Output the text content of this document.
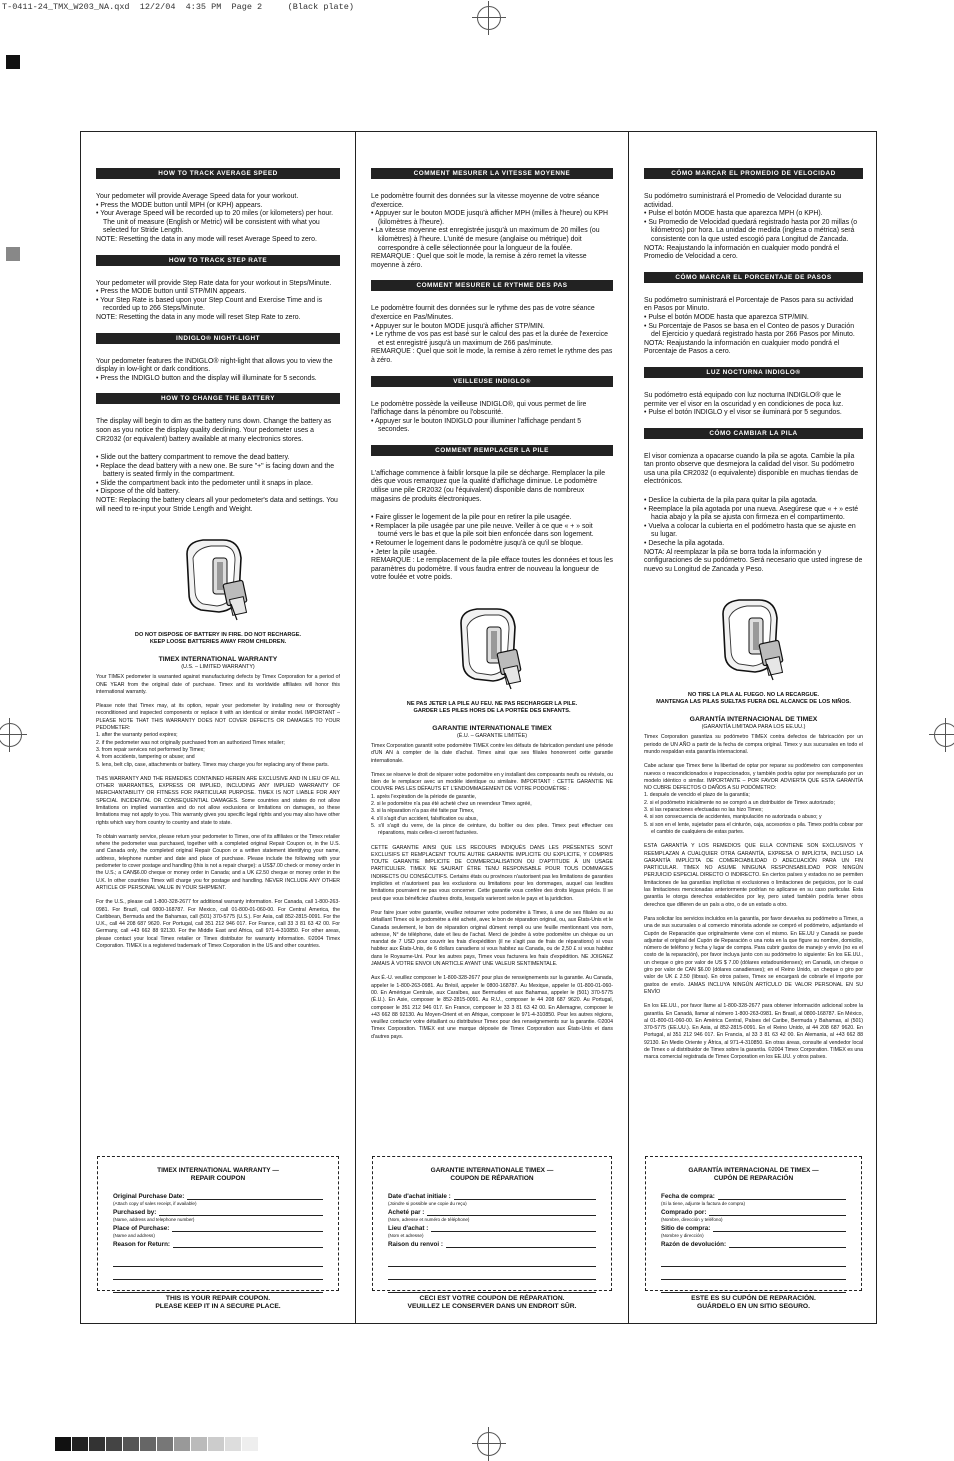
T-0411-24_TMX_W203_NA.qxd  12/2/04  4:35 PM  Page 2     (Black plate)
HOW TO TRACK AVERAGE SPEED
Your pedometer will provide Average Speed data for your workout.
• Press the MODE button until MPH (or KPH) appears.
• Your Average Speed will be recorded up to 20 miles (or kilometers) per hour. The unit of measure (English or Metric) will be consistent with what you selected for Stride Length.
NOTE: Resetting the data in any mode will reset Average Speed to zero.
HOW TO TRACK STEP RATE
Your pedometer will provide Step Rate data for your workout in Steps/Minute.
• Press the MODE button until STP/MIN appears.
• Your Step Rate is based upon your Step Count and Exercise Time and is recorded up to 266 Steps/Minute.
NOTE: Resetting the data in any mode will reset Step Rate to zero.
INDIGLO® NIGHT-LIGHT
Your pedometer features the INDIGLO® night-light that allows you to view the display in low-light or dark conditions.
• Press the INDIGLO button and the display will illuminate for 5 seconds.
HOW TO CHANGE THE BATTERY
The display will begin to dim as the battery runs down. Change the battery as soon as you notice the display quality declining. Your pedometer uses a CR2032 (or equivalent) battery available at many electronics stores.
• Slide out the battery compartment to remove the dead battery.
• Replace the dead battery with a new one. Be sure "+" is facing down and the battery is seated firmly in the compartment.
• Slide the compartment back into the pedometer until it snaps in place.
• Dispose of the old battery.
NOTE: Replacing the battery clears all your pedometer's data and settings. You will need to re-input your Stride Length and Weight.
DO NOT DISPOSE OF BATTERY IN FIRE. DO NOT RECHARGE.
KEEP LOOSE BATTERIES AWAY FROM CHILDREN.
TIMEX INTERNATIONAL WARRANTY
(U.S. – LIMITED WARRANTY)
Your TIMEX pedometer is warranted against manufacturing defects by Timex Corporation for a period of ONE YEAR from the original date of purchase. Timex and its worldwide affiliates will honor this international warranty.
Please note that Timex may, at its option, repair your pedometer by installing new or thoroughly reconditioned and inspected components or replace it with an identical or similar model. IMPORTANT – PLEASE NOTE THAT THIS WARRANTY DOES NOT COVER DEFECTS OR DAMAGES TO YOUR PEDOMETER:
1. after the warranty period expires;
2. if the pedometer was not originally purchased from an authorized Timex retailer;
3. from repair services not performed by Timex;
4. from accidents, tampering or abuse; and
5. lens, belt clip, case, attachments or battery. Timex may charge you for replacing any of these parts.
THIS WARRANTY AND THE REMEDIES CONTAINED HEREIN ARE EXCLUSIVE AND IN LIEU OF ALL OTHER WARRANTIES, EXPRESS OR IMPLIED, INCLUDING ANY IMPLIED WARRANTY OF MERCHANTABILITY OR FITNESS FOR PARTICULAR PURPOSE. TIMEX IS NOT LIABLE FOR ANY SPECIAL INCIDENTAL OR CONSEQUENTIAL DAMAGES. Some countries and states do not allow limitations on implied warranties and do not allow exclusions or limitations on damages, so these limitations may not apply to you. This warranty gives you specific legal rights and you may also have other rights which vary from country to country and state to state.
To obtain warranty service, please return your pedometer to Timex, one of its affiliates or the Timex retailer where the pedometer was purchased, together with a completed original Repair Coupon or, in the U.S. and Canada only, the completed original Repair Coupon or a written statement identifying your name, address, telephone number and date and place of purchase. Please include the following with your pedometer to cover postage and handling (this is not a repair charge): a US$7.00 check or money order in the U.S.; a CAN$6.00 cheque or money order in Canada; and a UK £2.50 cheque or money order in the U.K. In other countries Timex will charge you for postage and handling. NEVER INCLUDE ANY OTHER ARTICLE OF PERSONAL VALUE IN YOUR SHIPMENT.
For the U.S., please call 1-800-328-2677 for additional warranty information. For Canada, call 1-800-263-0981. For Brazil, call 0800-168787. For Mexico, call 01-800-01-060-00. For Central America, the Caribbean, Bermuda and the Bahamas, call (501) 370-5775 (U.S.). For Asia, call 852-2815-0091. For the U.K., call 44 208 687 9620. For Portugal, call 351 212 946 017. For France, call 33 3 81 63 42 00. For Germany, call +43 662 88 92130. For the Middle East and Africa, call 971-4-310850. For other areas, please contact your local Timex retailer or Timex distributor for warranty information. ©2004 Timex Corporation. TIMEX is a registered trademark of Timex Corporation in the US and other countries.
TIMEX INTERNATIONAL WARRANTY —
REPAIR COUPON
Original Purchase Date:
(Attach copy of sales receipt, if available)
Purchased by:
(Name, address and telephone number)
Place of Purchase:
(Name and address)
Reason for Return:
THIS IS YOUR REPAIR COUPON.
PLEASE KEEP IT IN A SECURE PLACE.
COMMENT MESURER LA VITESSE MOYENNE
Le podomètre fournit des données sur la vitesse moyenne de votre séance d'exercice.
• Appuyer sur le bouton MODE jusqu'à afficher MPH (milles à l'heure) ou KPH (kilomètres à l'heure).
• La vitesse moyenne est enregistrée jusqu'à un maximum de 20 milles (ou kilomètres) à l'heure. L'unité de mesure (anglaise ou métrique) doit correspondre à celle sélectionnée pour la longueur de la foulée.
REMARQUE : Quel que soit le mode, la remise à zéro remet la vitesse moyenne à zéro.
COMMENT MESURER LE RYTHME DES PAS
Le podomètre fournit des données sur le rythme des pas de votre séance d'exercice en Pas/Minutes.
• Appuyer sur le bouton MODE jusqu'à afficher STP/MIN.
• Le rythme de vos pas est basé sur le calcul des pas et la durée de l'exercice et est enregistré jusqu'à un maximum de 266 pas/minute.
REMARQUE : Quel que soit le mode, la remise à zéro remet le rythme des pas à zéro.
VEILLEUSE INDIGLO®
Le podomètre possède la veilleuse INDIGLO®, qui vous permet de lire l'affichage dans la pénombre ou l'obscurité.
• Appuyer sur le bouton INDIGLO pour illuminer l'affichage pendant 5 secondes.
COMMENT REMPLACER LA PILE
L'affichage commence à faiblir lorsque la pile se décharge. Remplacer la pile dès que vous remarquez que la qualité d'affichage diminue. Le podomètre utilise une pile CR2032 (ou l'équivalent) disponible dans de nombreux magasins de produits électroniques.
• Faire glisser le logement de la pile pour en retirer la pile usagée.
• Remplacer la pile usagée par une pile neuve. Veiller à ce que « + » soit tourné vers le bas et que la pile soit bien enfoncée dans son logement.
• Retourner le logement dans le podomètre jusqu'à ce qu'il se bloque.
• Jeter la pile usagée.
REMARQUE : Le remplacement de la pile efface toutes les données et tous les paramètres du podomètre. Il vous faudra entrer de nouveau la longueur de votre foulée et votre poids.
NE PAS JETER LA PILE AU FEU. NE PAS RECHARGER LA PILE.
GARDER LES PILES HORS DE LA PORTÉE DES ENFANTS.
GARANTIE INTERNATIONALE TIMEX
(É.U. – GARANTIE LIMITÉE)
Timex Corporation garantit votre podomètre TIMEX contre les défauts de fabrication pendant une période d'UN AN à compter de la date d'achat. Timex ainsi que ses filiales honoreront cette garantie internationale.
Timex se réserve le droit de réparer votre podomètre en y installant des composants neufs ou révisés, ou bien de le remplacer avec un modèle identique ou similaire. IMPORTANT : CETTE GARANTIE NE COUVRE PAS LES DÉFAUTS ET L'ENDOMMAGEMENT DE VOTRE PODOMÈTRE :
1. après l'expiration de la période de garantie,
2. si le podomètre n'a pas été acheté chez un revendeur Timex agréé,
3. si la réparation n'a pas été faite par Timex,
4. s'il s'agit d'un accident, falsification ou abus,
5. s'il s'agit du verre, de la pince de ceinture, du boîtier ou des piles. Timex peut effectuer ces réparations, mais celles-ci seront facturées.
CETTE GARANTIE AINSI QUE LES RECOURS INDIQUÉS DANS LES PRÉSENTES SONT EXCLUSIFS ET REMPLACENT TOUTE AUTRE GARANTIE IMPLICITE OU EXPLICITE, Y COMPRIS TOUTE GARANTIE IMPLICITE DE COMMERCIALISATION OU D'APTITUDE À UN USAGE PARTICULIER. TIMEX NE SAURAIT ÊTRE TENU RESPONSABLE POUR TOUS DOMMAGES INDIRECTS OU CONSÉCUTIFS. Certains états ou provinces n'autorisent pas les limitations de garanties implicites et n'autorisent pas les exclusions ou limitations pour les dommages, auquel cas lesdites limitations pourraient ne pas vous concerner. Cette garantie vous confère des droits légaux précis. Il se peut que vous bénéficiez d'autres droits, lesquels varieront selon le pays et la juridiction.
Pour faire jouer votre garantie, veuillez retourner votre podomètre à Timex, à une de ses filiales ou au détaillant Timex où le podomètre a été acheté, avec le bon de réparation original, ou, aux États-Unis et le Canada seulement, le bon de réparation original dûment rempli ou une feuille mentionnant vos nom, adresse, N° de téléphone, date et lieu de l'achat. Merci de joindre à votre podomètre un chèque ou un mandat de 7 USD pour couvrir les frais d'expédition (il ne s'agit pas de frais de réparations) si vous habitez aux États-Unis, de 6 dollars canadiens si vous habitez au Canada, ou de 2,50 £ si vous habitez dans le Royaume-Uni. Pour les autres pays, Timex vous facturera les frais d'expédition. NE JOIGNEZ JAMAIS À VOTRE ENVOI UN ARTICLE AYANT UNE VALEUR SENTIMENTALE.
Aux É.-U. veuillez composer le 1-800-328-2677 pour plus de renseignements sur la garantie. Au Canada, appeler le 1-800-263-0981. Au Brésil, appeler le 0800-168787. Au Mexique, appeler le 01-800-01-060-00. En Amérique Centrale, aux Caraïbes, aux Bermudes et aux Bahamas, appeler le (501) 370-5775 (É.U.). En Asie, composer le 852-2815-0091. Au R.U., composer le 44 208 687 9620. Au Portugal, composer le 351 212 946 017. En France, composer le 33 3 81 63 42 00. En Allemagne, composer le +43 662 88 92130. Au Moyen-Orient et en Afrique, composer le 971-4-310850. Pour les autres régions, veuillez contacter votre détaillant ou distributeur Timex pour des renseignements sur la garantie. ©2004 Timex Corporation. TIMEX est une marque déposée de Timex Corporation aux États-Unis et dans d'autres pays.
GARANTIE INTERNATIONALE TIMEX —
COUPON DE RÉPARATION
Date d'achat initiale :
(Joindre si possible une copie du reçu)
Acheté par :
(Nom, adresse et numéro de téléphone)
Lieu d'achat :
(Nom et adresse)
Raison du renvoi :
CECI EST VOTRE COUPON DE RÉPARATION.
VEUILLEZ LE CONSERVER DANS UN ENDROIT SÛR.
CÓMO MARCAR EL PROMEDIO DE VELOCIDAD
Su podómetro suministrará el Promedio de Velocidad durante su actividad.
• Pulse el botón MODE hasta que aparezca MPH (o KPH).
• Su Promedio de Velocidad quedará registrado hasta por 20 millas (o kilómetros) por hora. La unidad de medida (inglesa o métrica) será consistente con la que usted escogió para Longitud de Zancada.
NOTA: Reajustando la información en cualquier modo pondrá el Promedio de Velocidad a cero.
CÓMO MARCAR EL PORCENTAJE DE PASOS
Su podómetro suministrará el Porcentaje de Pasos para su actividad en Pasos por Minuto.
• Pulse el botón MODE hasta que aparezca STP/MIN.
• Su Porcentaje de Pasos se basa en el Conteo de pasos y Duración del Ejercicio y quedará registrado hasta por 266 Pasos por Minuto.
NOTA: Reajustando la información en cualquier modo pondrá el Porcentaje de Pasos a cero.
LUZ NOCTURNA INDIGLO®
Su podómetro está equipado con luz nocturna INDIGLO® que le permite ver el visor en la oscuridad y en condiciones de poca luz.
• Pulse el botón INDIGLO y el visor se iluminará por 5 segundos.
CÓMO CAMBIAR LA PILA
El visor comienza a opacarse cuando la pila se agota. Cambie la pila tan pronto observe que desmejora la calidad del visor. Su podómetro usa una pila CR2032 (o equivalente) disponible en muchas tiendas de electrónicos.
• Deslice la cubierta de la pila para quitar la pila agotada.
• Reemplace la pila agotada por una nueva. Asegúrese que « + » esté hacia abajo y la pila se ajusta con firmeza en el compartimento.
• Vuelva a colocar la cubierta en el podómetro hasta que se ajuste en su lugar.
• Deseche la pila agotada.
NOTA: Al reemplazar la pila se borra toda la información y configuraciones de su podómetro. Será necesario que usted ingrese de nuevo su Longitud de Zancada y Peso.
NO TIRE LA PILA AL FUEGO. NO LA RECARGUE.
MANTENGA LAS PILAS SUELTAS FUERA DEL ALCANCE DE LOS NIÑOS.
GARANTÍA INTERNACIONAL DE TIMEX
(GARANTÍA LIMITADA PARA LOS EE.UU.)
Timex Corporation garantiza su podómetro TIMEX contra defectos de fabricación por un periodo de UN AÑO a partir de la fecha de compra original. Timex y sus sucursales en todo el mundo respaldan esta garantía internacional.
Cabe aclarar que Timex tiene la libertad de optar por reparar su podómetro con componentes nuevos o reacondicionados e inspeccionados, y también podría optar por reemplazarlo por un modelo idéntico o similar. IMPORTANTE – POR FAVOR ADVIERTA QUE ESTA GARANTÍA NO CUBRE DEFECTOS O DAÑOS A SU PODÓMETRO:
1. después de vencido el plazo de la garantía;
2. si el podómetro inicialmente no se compró a un distribuidor de Timex autorizado;
3. si las reparaciones efectuadas no las hizo Timex;
4. si son consecuencia de accidentes, manipulación no autorizada o abuso; y
5. si son en el lente, sujetador para el cinturón, caja, accesorios o pila. Timex podría cobrar por el cambio de cualquiera de estas partes.
ESTA GARANTÍA Y LOS REMEDIOS QUE ELLA CONTIENE SON EXCLUSIVOS Y REEMPLAZAN A CUALQUIER OTRA GARANTÍA, EXPRESA O IMPLÍCITA, INCLUSO LA GARANTÍA IMPLÍCITA DE COMERCIABILIDAD O ADECUACIÓN PARA UN FIN PARTICULAR. TIMEX NO ASUME NINGUNA RESPONSABILIDAD POR NINGÚN PERJUICIO ESPECIAL DIRECTO O INDIRECTO. En ciertos países y estados no se permiten limitaciones de las garantías implícitas ni exclusiones o limitaciones de perjuicios, por lo cual las limitaciones mencionadas anteriormente podrían no aplicarse en su caso particular. Esta garantía le otorga derechos establecidos por ley, pero usted también podría tener otros derechos que difieren de un país a otro, o de un estado a otro.
Para solicitar los servicios incluidos en la garantía, por favor devuelva su podómetro a Timex, a una de sus sucursales o al comercio minorista adonde se compró el podómetro, adjuntando el Cupón de Reparación que originalmente viene con el mismo. En EE.UU y Canadá se puede adjuntar el original del Cupón de Reparación o una nota en la que figure su nombre, domicilio, número de teléfono y fecha y lugar de compra. Para cubrir gastos de manejo y envío (no es el costo de la reparación), por favor incluya junto con su podómetro lo siguiente: En los EE.UU., un cheque o giro por valor de US $ 7.00 (dólares estadounidenses); en Canadá, un cheque o giro por valor de CAN $6.00 (dólares canadienses); en el Reino Unido, un cheque o giro por valor de UK £ 2.50 (libras). En otros países, Timex se encargará de cobrarle el importe por gastos de envío. JAMAS INCLUYA NINGÚN ARTÍCULO DE VALOR PERSONAL EN SU ENVÍO
En los EE.UU., por favor llame al 1-800-328-2677 para obtener información adicional sobre la garantía. En Canadá, llamar al número 1-800-263-0981. En Brasil, al 0800-168787. En México, al 01-800-01-060-00. En América Central, Países del Caribe, Bermuda y Bahamas, al (501) 370-5775 (EE.UU.). En Asia, al 852-2815-0091. En el Reino Unido, al 44 208 687 9620. En Portugal, al 351 212 946 017. En Francia, al 33 3 81 63 42 00. En Alemania, al +43 662 88 92130. En Medio Oriente y África, al 971-4-310850. En otras áreas, consulte al vendedor local de Timex o al distribuidor de Timex sobre la garantía. ©2004 Timex Corporation. TIMEX es una marca comercial registrada de Timex Corporation en los EE.UU. y otros países.
GARANTÍA INTERNACIONAL DE TIMEX —
CUPÓN DE REPARACIÓN
Fecha de compra:
(Si la tiene, adjunte la factura de compra)
Comprado por:
(Nombre, dirección y teléfono)
Sitio de compra:
(Nombre y dirección)
Razón de devolución:
ESTE ES SU CUPÓN DE REPARACIÓN.
GUÁRDELO EN UN SITIO SEGURO.
